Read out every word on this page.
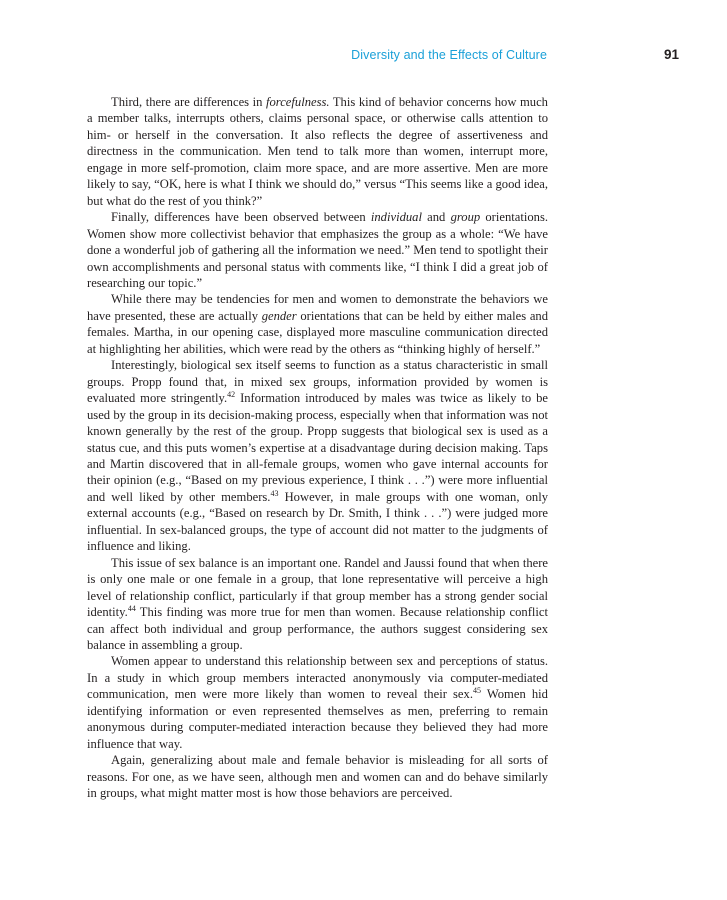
Diversity and the Effects of Culture	91

Third, there are differences in forcefulness. This kind of behavior concerns how much a member talks, interrupts others, claims personal space, or otherwise calls attention to him- or herself in the conversation. It also reflects the degree of assertiveness and directness in the communication. Men tend to talk more than women, interrupt more, engage in more self-promotion, claim more space, and are more assertive. Men are more likely to say, “OK, here is what I think we should do,” versus “This seems like a good idea, but what do the rest of you think?”

Finally, differences have been observed between individual and group orientations. Women show more collectivist behavior that emphasizes the group as a whole: “We have done a wonderful job of gathering all the information we need.” Men tend to spotlight their own accomplishments and personal status with comments like, “I think I did a great job of researching our topic.”

While there may be tendencies for men and women to demonstrate the behaviors we have presented, these are actually gender orientations that can be held by either males and females. Martha, in our opening case, displayed more masculine communication directed at highlighting her abilities, which were read by the others as “thinking highly of herself.”

Interestingly, biological sex itself seems to function as a status characteristic in small groups. Propp found that, in mixed sex groups, information provided by women is evaluated more stringently.$^{42}$ Information introduced by males was twice as likely to be used by the group in its decision-making process, especially when that information was not known generally by the rest of the group. Propp suggests that biological sex is used as a status cue, and this puts women’s expertise at a disadvantage during decision making. Taps and Martin discovered that in all-female groups, women who gave internal accounts for their opinion (e.g., “Based on my previous experience, I think . . .”) were more influential and well liked by other members.$^{43}$ However, in male groups with one woman, only external accounts (e.g., “Based on research by Dr. Smith, I think . . .”) were judged more influential. In sex-balanced groups, the type of account did not matter to the judgments of influence and liking.

This issue of sex balance is an important one. Randel and Jaussi found that when there is only one male or one female in a group, that lone representative will perceive a high level of relationship conflict, particularly if that group member has a strong gender social identity.$^{44}$ This finding was more true for men than women. Because relationship conflict can affect both individual and group performance, the authors suggest considering sex balance in assembling a group.

Women appear to understand this relationship between sex and perceptions of status. In a study in which group members interacted anonymously via computer-mediated communication, men were more likely than women to reveal their sex.$^{45}$ Women hid identifying information or even represented themselves as men, preferring to remain anonymous during computer-mediated interaction because they believed they had more influence that way.

Again, generalizing about male and female behavior is misleading for all sorts of reasons. For one, as we have seen, although men and women can and do behave similarly in groups, what might matter most is how those behaviors are perceived.
